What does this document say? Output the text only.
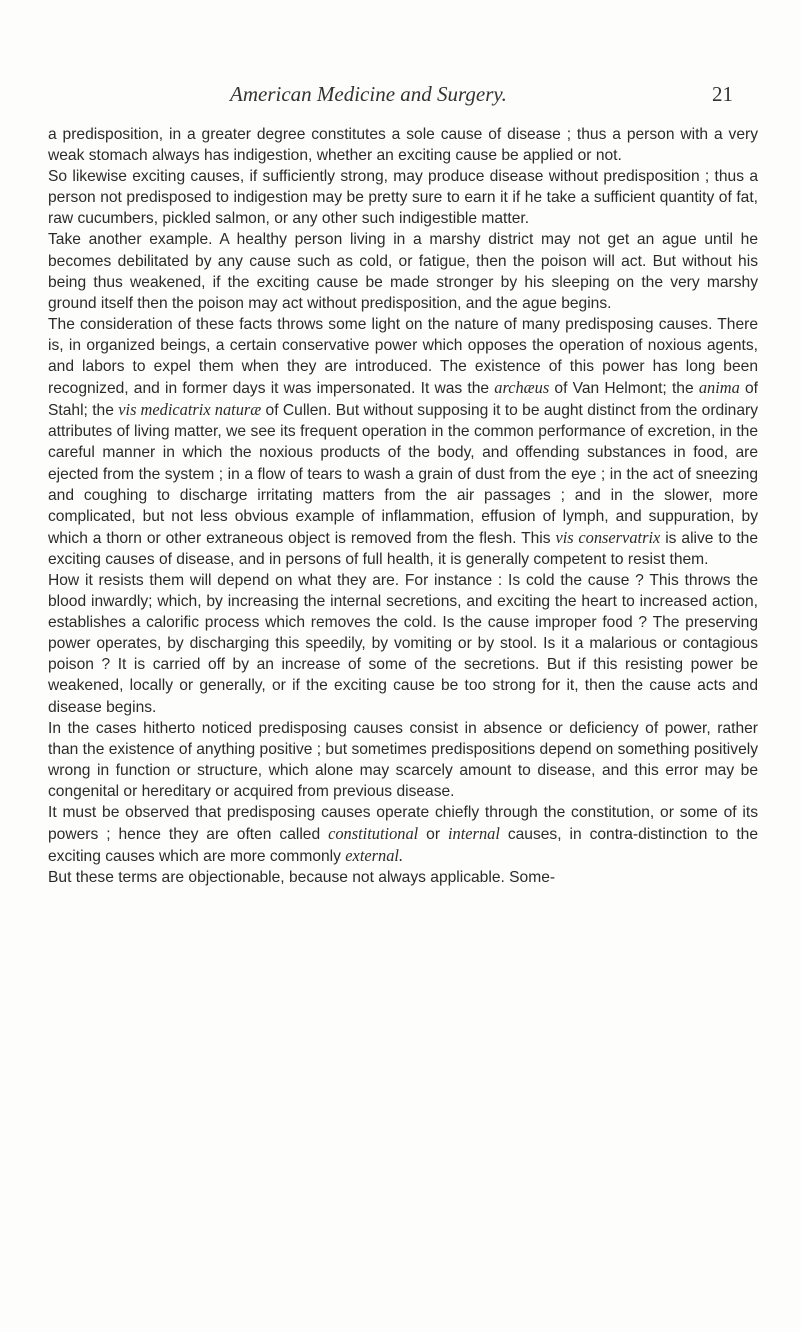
American Medicine and Surgery.	21

a predisposition, in a greater degree constitutes a sole cause of disease ; thus a person with a very weak stomach always has indigestion, whether an exciting cause be applied or not.

So likewise exciting causes, if sufficiently strong, may produce disease without predisposition ; thus a person not predisposed to indigestion may be pretty sure to earn it if he take a sufficient quantity of fat, raw cucumbers, pickled salmon, or any other such indigestible matter.

Take another example. A healthy person living in a marshy district may not get an ague until he becomes debilitated by any cause such as cold, or fatigue, then the poison will act. But without his being thus weakened, if the exciting cause be made stronger by his sleeping on the very marshy ground itself then the poison may act without predisposition, and the ague begins.

The consideration of these facts throws some light on the nature of many predisposing causes. There is, in organized beings, a certain conservative power which opposes the operation of noxious agents, and labors to expel them when they are introduced. The existence of this power has long been recognized, and in former days it was impersonated. It was the archæus of Van Helmont; the anima of Stahl; the vis medicatrix naturæ of Cullen. But without supposing it to be aught distinct from the ordinary attributes of living matter, we see its frequent operation in the common performance of excretion, in the careful manner in which the noxious products of the body, and offending substances in food, are ejected from the system ; in a flow of tears to wash a grain of dust from the eye ; in the act of sneezing and coughing to discharge irritating matters from the air passages ; and in the slower, more complicated, but not less obvious example of inflammation, effusion of lymph, and suppuration, by which a thorn or other extraneous object is removed from the flesh. This vis conservatrix is alive to the exciting causes of disease, and in persons of full health, it is generally competent to resist them.

How it resists them will depend on what they are. For instance : Is cold the cause ? This throws the blood inwardly; which, by increasing the internal secretions, and exciting the heart to increased action, establishes a calorific process which removes the cold. Is the cause improper food ? The preserving power operates, by discharging this speedily, by vomiting or by stool. Is it a malarious or contagious poison ? It is carried off by an increase of some of the secretions. But if this resisting power be weakened, locally or generally, or if the exciting cause be too strong for it, then the cause acts and disease begins.

In the cases hitherto noticed predisposing causes consist in absence or deficiency of power, rather than the existence of anything positive ; but sometimes predispositions depend on something positively wrong in function or structure, which alone may scarcely amount to disease, and this error may be congenital or hereditary or acquired from previous disease.

It must be observed that predisposing causes operate chiefly through the constitution, or some of its powers ; hence they are often called constitutional or internal causes, in contra-distinction to the exciting causes which are more commonly external.

But these terms are objectionable, because not always applicable. Some-
